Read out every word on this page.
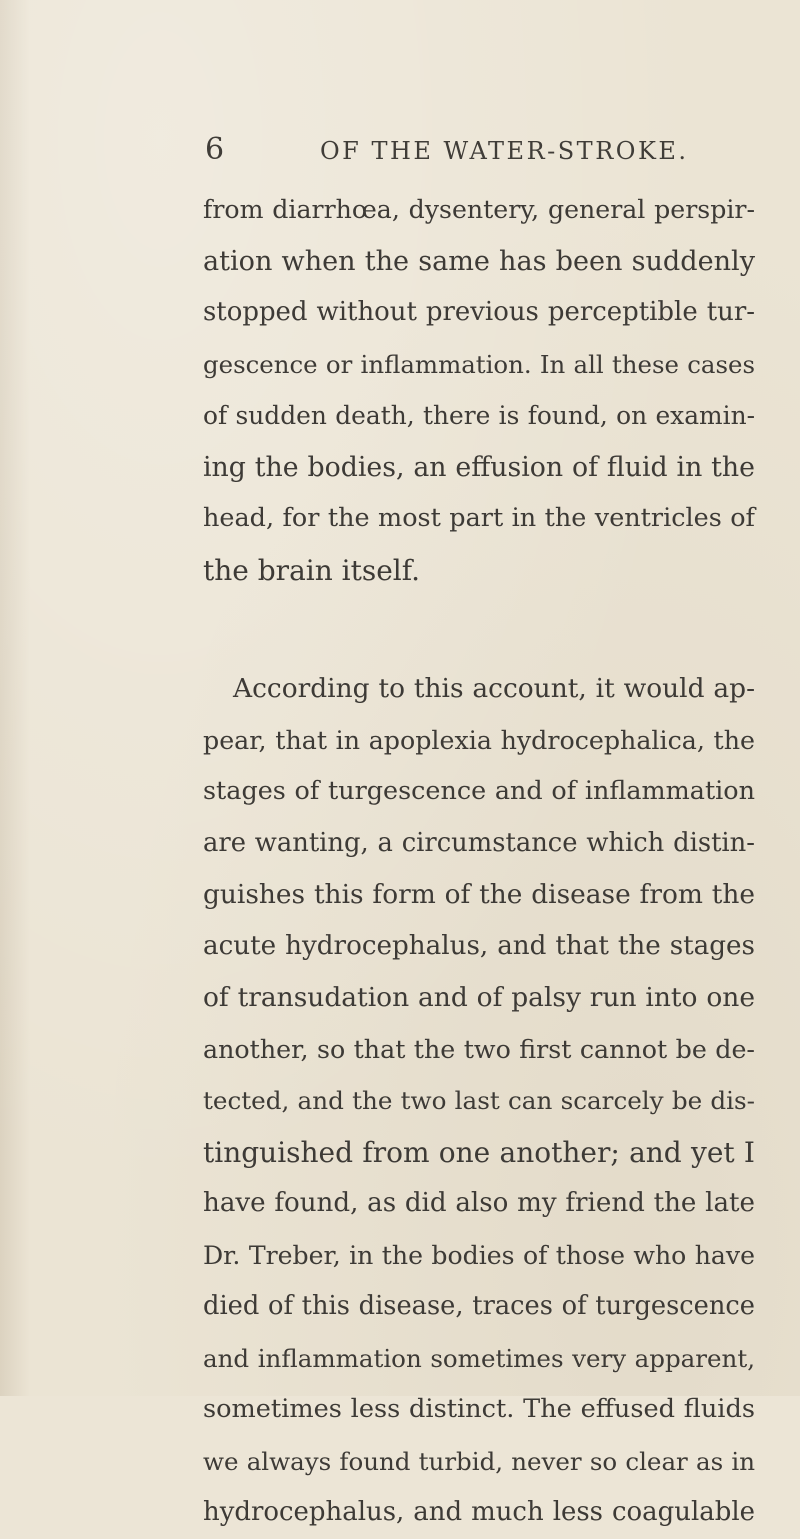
6	OF THE WATER-STROKE.
from diarrhœa, dysentery, general perspir-
ation when the same has been suddenly
stopped without previous perceptible tur-
gescence or inflammation. In all these cases
of sudden death, there is found, on examin-
ing the bodies, an effusion of fluid in the
head, for the most part in the ventricles of
the brain itself.
According to this account, it would ap-
pear, that in apoplexia hydrocephalica, the
stages of turgescence and of inflammation
are wanting, a circumstance which distin-
guishes this form of the disease from the
acute hydrocephalus, and that the stages
of transudation and of palsy run into one
another, so that the two first cannot be de-
tected, and the two last can scarcely be dis-
tinguished from one another; and yet I
have found, as did also my friend the late
Dr. Treber, in the bodies of those who have
died of this disease, traces of turgescence
and inflammation sometimes very apparent,
sometimes less distinct. The effused fluids
we always found turbid, never so clear as in
hydrocephalus, and much less coagulable
